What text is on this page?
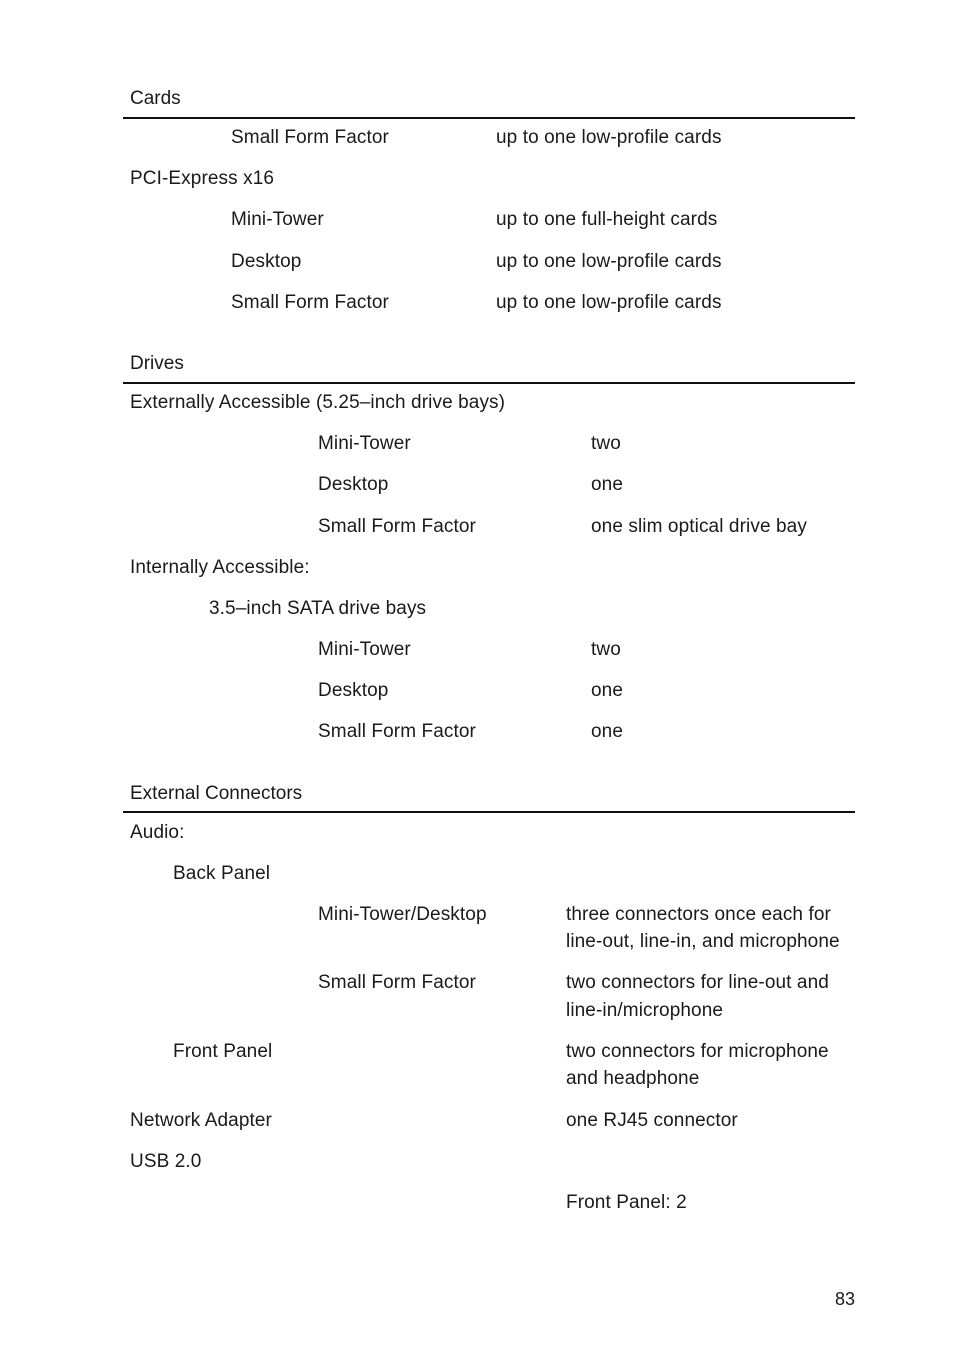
Cards
Small Form Factor	up to one low-profile cards
PCI-Express x16
Mini-Tower	up to one full-height cards
Desktop	up to one low-profile cards
Small Form Factor	up to one low-profile cards
Drives
Externally Accessible (5.25–inch drive bays)
Mini-Tower	two
Desktop	one
Small Form Factor	one slim optical drive bay
Internally Accessible:
3.5–inch SATA drive bays
Mini-Tower	two
Desktop	one
Small Form Factor	one
External Connectors
Audio:
Back Panel
Mini-Tower/Desktop	three connectors once each for
line-out, line-in, and microphone
Small Form Factor	two connectors for line-out and
line-in/microphone
Front Panel	two connectors for microphone
and headphone
Network Adapter	one RJ45 connector
USB 2.0
Front Panel: 2
83
